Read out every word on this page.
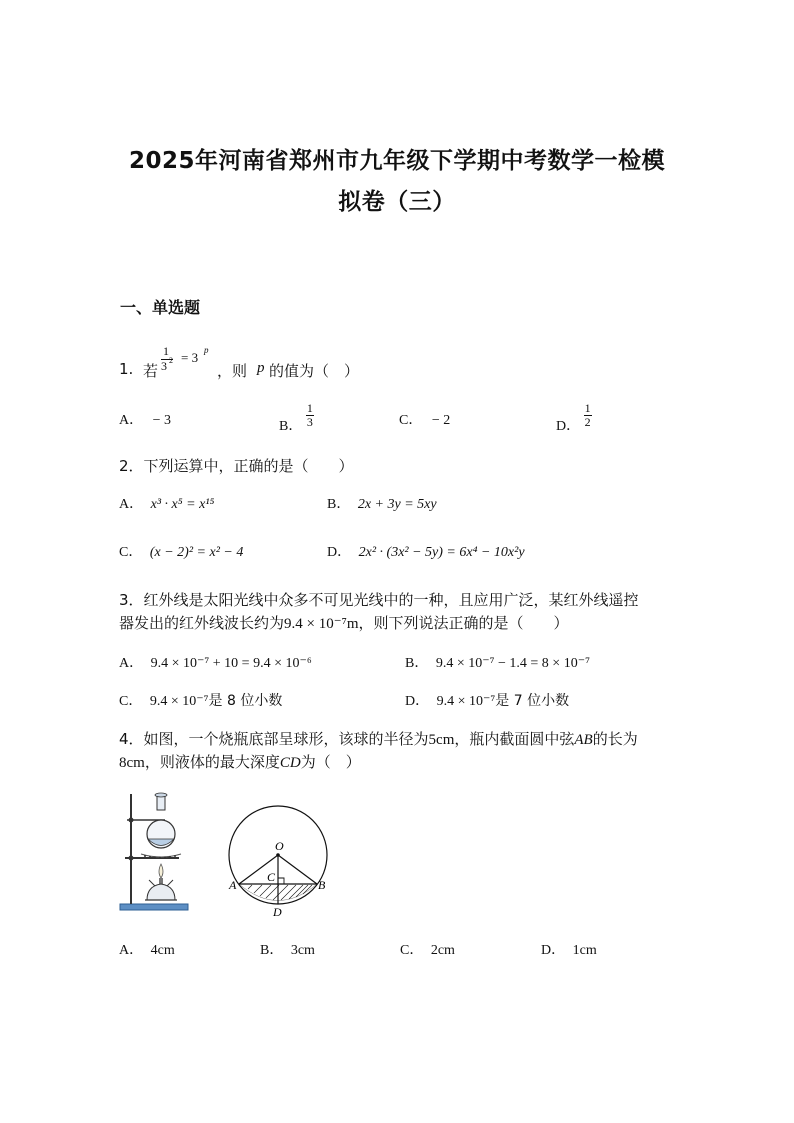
2025年河南省郑州市九年级下学期中考数学一检模
拟卷（三）
一、单选题
1. 若
1
3 2 = 3 p
，则 p 的值为（　）
A． − 3	B． $\frac{1}{3}$	C． − 2	D． $\frac{1}{2}$
2．下列运算中，正确的是（　　）
A． x³ · x⁵ = x¹⁵	B． 2x + 3y = 5xy
C． (x − 2)² = x² − 4	D． 2x² · (3x² − 5y) = 6x⁴ − 10x²y
3．红外线是太阳光线中众多不可见光线中的一种，且应用广泛，某红外线遥控
器发出的红外线波长约为9.4 × 10⁻⁷m，则下列说法正确的是（　　）
A． 9.4 × 10⁻⁷ + 10 = 9.4 × 10⁻⁶	B． 9.4 × 10⁻⁷ − 1.4 = 8 × 10⁻⁷
C． 9.4 × 10⁻⁷是 8 位小数	D． 9.4 × 10⁻⁷是 7 位小数
4．如图，一个烧瓶底部呈球形，该球的半径为5cm，瓶内截面圆中弦AB的长为
8cm，则液体的最大深度CD为（　）
O
A	B
C
D
A． 4cm	B． 3cm	C． 2cm	D． 1cm
